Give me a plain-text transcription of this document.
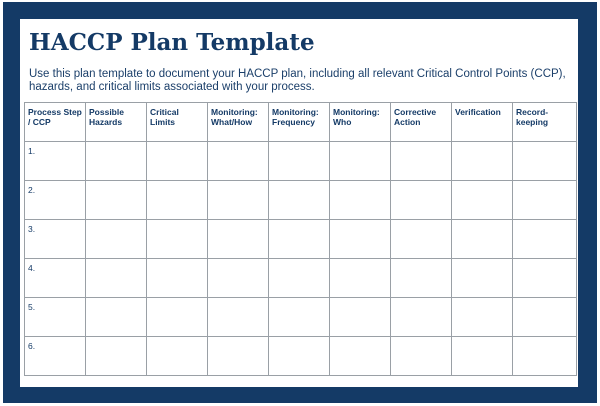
HACCP Plan Template

Use this plan template to document your HACCP plan, including all relevant Critical Control Points (CCP), hazards, and critical limits associated with your process.

Process Step / CCP	Possible Hazards	Critical Limits	Monitoring: What/How	Monitoring: Frequency	Monitoring: Who	Corrective Action	Verification	Record-keeping

1.								

2.								

3.								

4.								

5.								

6.								
